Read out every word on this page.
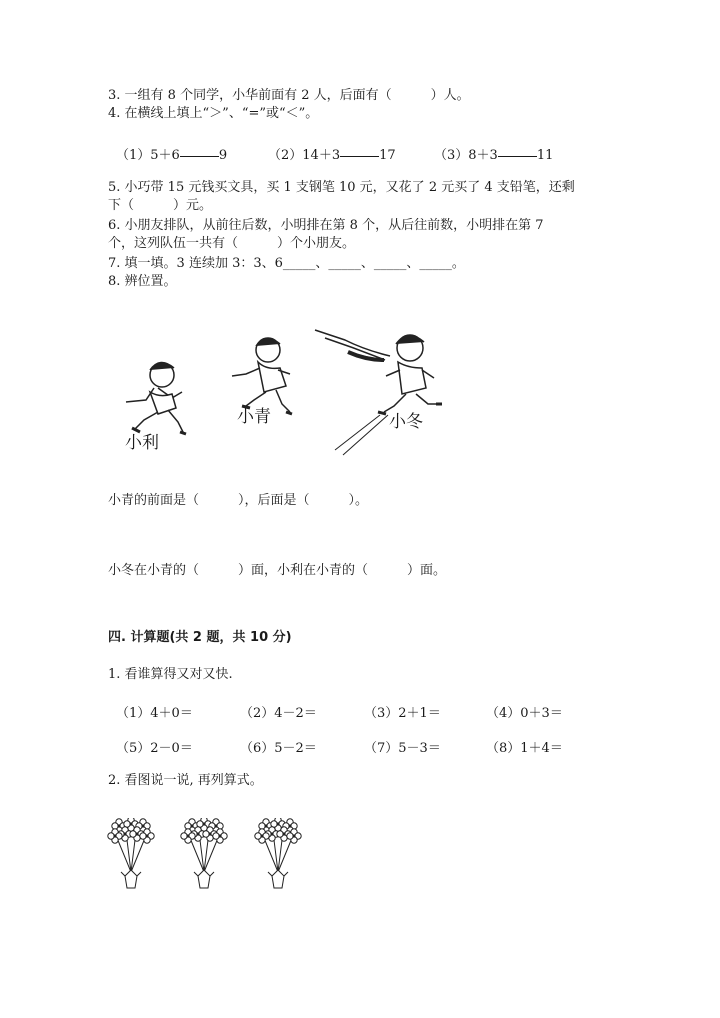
3. 一组有 8 个同学，小华前面有 2 人，后面有（　　　）人。
4. 在横线上填上“＞”、“=”或“＜”。
（1）5＋6　　　	9	（2）14＋3　　　	17	（3）8＋3　　　	11
5. 小巧带 15 元钱买文具，买 1 支钢笔 10 元，又花了 2 元买了 4 支铅笔，还剩
下（　　　）元。
6. 小朋友排队，从前往后数，小明排在第 8 个，从后往前数，小明排在第 7
个，这列队伍一共有（　　　）个小朋友。
7. 填一填。3 连续加 3：3、6_____、_____、_____、_____。
8. 辨位置。
小利
小青	小冬
小青的前面是（　　　），后面是（　　　）。
小冬在小青的（　　　）面，小利在小青的（　　　）面。
四. 计算题(共 2 题，共 10 分)
1. 看谁算得又对又快.
（1）4＋0＝	（2）4－2＝	（3）2＋1＝	（4）0＋3＝
（5）2－0＝	（6）5－2＝	（7）5－3＝	（8）1＋4＝
2. 看图说一说, 再列算式。
